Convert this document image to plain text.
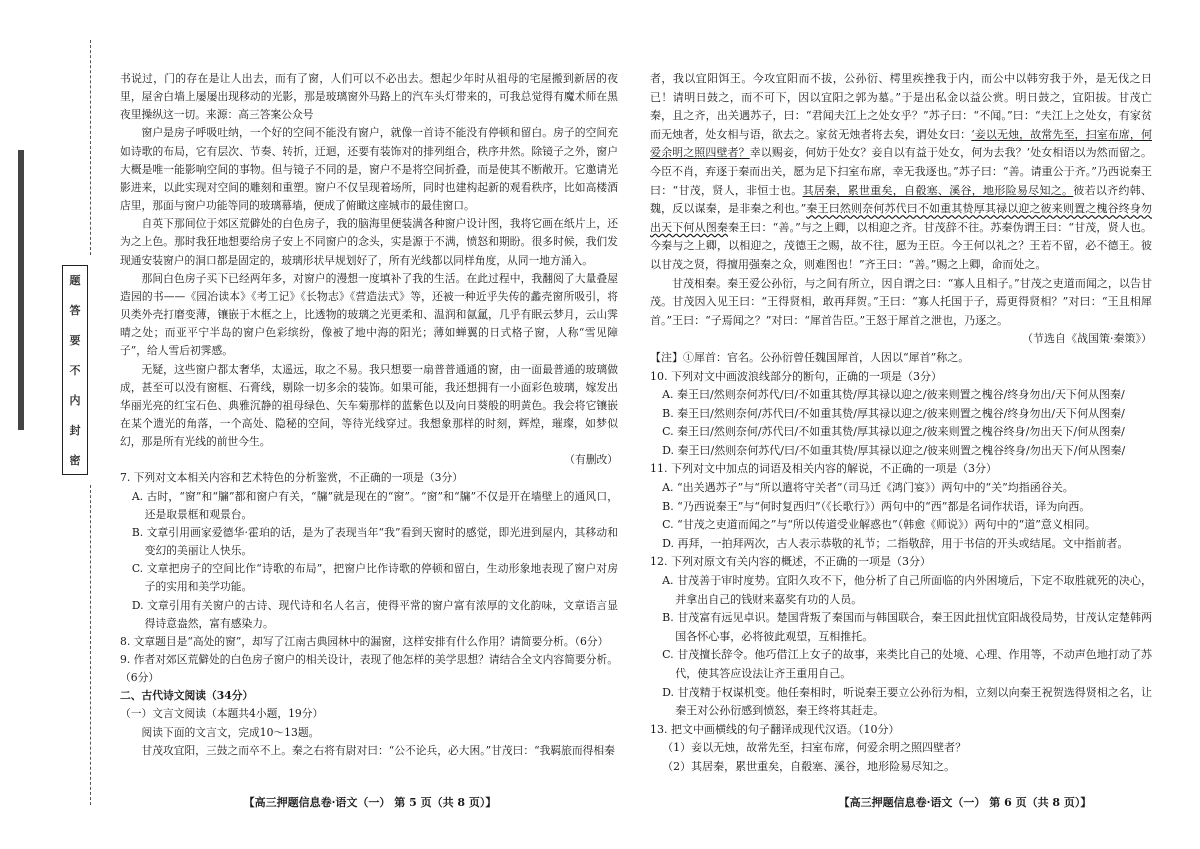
题
答
要
不
内
封
密

书说过，门的存在是让人出去，而有了窗，人们可以不必出去。想起少年时从祖母的宅屋搬到新居的夜里，屋舍白墙上屡屡出现移动的光影，那是玻璃窗外马路上的汽车头灯带来的，可我总觉得有魔术师在黑夜里操纵这一切。来源：高三答案公众号

窗户是房子呼吸吐纳，一个好的空间不能没有窗户，就像一首诗不能没有停顿和留白。房子的空间充如诗歌的布局，它有层次、节奏、转折，迂迴，还要有装饰对的排列组合，秩序井然。除镜子之外，窗户大概是唯一能影响空间的事物。但与镜子不同的是，窗户不是将空间折叠，而是使其不断敞开。它邀请光影进来，以此实现对空间的雕刻和重塑。窗户不仅呈现着场所，同时也建构起新的观看秩序，比如高楼酒店里，那面与窗户功能等同的玻璃幕墙，便成了俯瞰这座城市的最佳窗口。

自英下那间位于郊区荒僻处的白色房子，我的脑海里便装满各种窗户设计图，我将它画在纸片上，还为之上色。那时我狂地想要给房子安上不同窗户的念头，实是源于不满，愤怒和期盼。很多时候，我们发现通安装窗户的洞口都是固定的，玻璃形状早规划好了，所有光线都以同样角度，从同一地方涌入。

那间白色房子买下已经两年多，对窗户的漫想一度填补了我的生活。在此过程中，我翻阅了大量叠屋造园的书——《园冶读本》《考工记》《长物志》《营造法式》等，还被一种近乎失传的蠡壳窗所吸引，将贝类外壳打磨变薄，镶嵌于木框之上，比透物的玻璃之光更柔和、温润和氤氲，几乎有眠云梦月，云山霁晴之处；而亚平宁半岛的窗户色彩缤纷，像被了地中海的阳光；薄如蝉翼的日式格子窗，人称“雪见障子”，给人雪后初霁感。

无疑，这些窗户都太奢华，太遥远，取之不易。我只想要一扇普普通通的窗，由一面最普通的玻璃做成，甚至可以没有窗框、石膏线，剔除一切多余的装饰。如果可能，我还想拥有一小面彩色玻璃，嫁发出华丽光亮的红宝石色、典雅沉静的祖母绿色、矢车菊那样的蓝紫色以及向日葵般的明黄色。我会将它镶嵌在某个遗光的角落，一个高处、隐秘的空间，等待光线穿过。我想象那样的时刻，辉煌，璀璨，如梦似幻，那是所有光线的前世今生。

（有删改）

7. 下列对文本相关内容和艺术特色的分析鉴赏，不正确的一项是（3分）

A. 古时，“窗”和“牖”都和窗户有关，“牖”就是现在的“窗”。“窗”和“牖”不仅是开在墙壁上的通风口，还是取景框和观景台。

B. 文章引用画家爱德华·霍珀的话，是为了表现当年“我”看到天窗时的感觉，即光进到屋内，其移动和变幻的美丽让人快乐。

C. 文章把房子的空间比作“诗歌的布局”，把窗户比作诗歌的停顿和留白，生动形象地表现了窗户对房子的实用和美学功能。

D. 文章引用有关窗户的古诗、现代诗和名人名言，使得平常的窗户富有浓厚的文化韵味，文章语言显得诗意盎然，富有感染力。

8. 文章题目是“高处的窗”，却写了江南古典园林中的漏窗，这样安排有什么作用？请简要分析。（6分）

9. 作者对郊区荒僻处的白色房子窗户的相关设计，表现了他怎样的美学思想？请结合全文内容简要分析。（6分）

二、古代诗文阅读（34分）

（一）文言文阅读（本题共4小题，19分）

阅读下面的文言文，完成10～13题。

甘茂攻宜阳，三鼓之而卒不上。秦之右将有尉对曰：“公不论兵，必大困。”甘茂曰：“我羁旅而得相秦

者，我以宜阳饵王。今攻宜阳而不拔，公孙衍、樗里疾挫我于内，而公中以韩穷我于外，是无伐之日已！请明日鼓之，而不可下，因以宜阳之郭为墓。”于是出私金以益公赏。明日鼓之，宜阳拔。甘茂亡秦，且之齐，出关遇苏子，曰：“君闻夫江上之处女乎？”苏子曰：“不闻。”曰：“夫江上之处女，有家贫而无烛者，处女相与语，欲去之。家贫无烛者将去矣，谓处女曰：‘妾以无烛，故常先至，扫室布席，何爱余明之照四壁者？幸以赐妾，何妨于处女？妾自以有益于处女，何为去我？’处女相语以为然而留之。今臣不肖，弃逐于秦而出关，愿为足下扫室布席，幸无我逐也。”苏子曰：“善。请重公于齐。”乃西说秦王曰：“甘茂，贤人，非恒士也。其居秦，累世重矣，自殽塞、溪谷，地形险易尽知之。彼若以齐约韩、魏，反以谋秦，是非秦之利也。”秦王曰然则奈何苏代曰不如重其贽厚其禄以迎之彼来则置之槐谷终身勿出天下何从图秦秦王曰：“善。”与之上卿，以相迎之齐。甘茂辞不往。苏秦伪谓王曰：“甘茂，贤人也。今秦与之上卿，以相迎之，茂德王之赐，故不往，愿为王臣。今王何以礼之？王若不留，必不德王。彼以甘茂之贤，得擅用强秦之众，则难图也！”齐王曰：“善。”赐之上卿，命而处之。

甘茂相秦。秦王爱公孙衍，与之间有所立，因自谓之曰：“寡人且相子。”甘茂之吏道而闻之，以告甘茂。甘茂因入见王曰：“王得贤相，敢再拜贺。”王曰：“寡人托国于子，焉更得贤相？”对曰：“王且相犀首。”王曰：“子焉闻之？”对曰：“犀首告臣。”王怒于犀首之泄也，乃逐之。

（节选自《战国策·秦策》）

【注】①犀首：官名。公孙衍曾任魏国犀首，人因以“犀首”称之。

10. 下列对文中画波浪线部分的断句，正确的一项是（3分）

A. 秦王曰/然则奈何苏代/曰/不如重其贽/厚其禄以迎之/彼来则置之槐谷/终身勿出/天下何从图秦/

B. 秦王曰/然则奈何/苏代曰/不如重其贽/厚其禄以迎之/彼来则置之槐谷/终身勿出/天下何从图秦/

C. 秦王曰/然则奈何/苏代曰/不如重其贽/厚其禄以迎之/彼来则置之槐谷终身/勿出天下/何从图秦/

D. 秦王曰/然则奈何苏代/曰/不如重其贽/厚其禄以迎之/彼来则置之槐谷终身/勿出天下/何从图秦/

11. 下列对文中加点的词语及相关内容的解说，不正确的一项是（3分）

A. “出关遇苏子”与“所以遣将守关者”（司马迁《鸿门宴》）两句中的“关”均指函谷关。

B. “乃西说秦王”与“何时复西归”（《长歌行》）两句中的“西”都是名词作状语，译为向西。

C. “甘茂之吏道而闻之”与“所以传道受业解惑也”（韩愈《师说》）两句中的“道”意义相同。

D. 再拜，一拍拜两次，古人表示恭敬的礼节；二指敬辞，用于书信的开头或结尾。文中指前者。

12. 下列对原文有关内容的概述，不正确的一项是（3分）

A. 甘茂善于审时度势。宜阳久攻不下，他分析了自己所面临的内外困境后，下定不取胜就死的决心，并拿出自己的钱财来嘉奖有功的人员。

B. 甘茂富有远见卓识。楚国背叛了秦国而与韩国联合，秦王因此扭忧宜阳战役局势，甘茂认定楚韩两国各怀心事，必将彼此观望，互相推托。

C. 甘茂擅长辞令。他巧借江上女子的故事，来类比自己的处境、心理、作用等，不动声色地打动了苏代，使其答应设法让齐王重用自己。

D. 甘茂精于权谋机变。他任秦相时，听说秦王要立公孙衍为相，立刻以向秦王祝贺选得贤相之名，让秦王对公孙衍感到愤怒，秦王终将其赶走。

13. 把文中画横线的句子翻译成现代汉语。（10分）

（1）妾以无烛，故常先至，扫室布席，何爱余明之照四壁者？

（2）其居秦，累世重矣，自殽塞、溪谷，地形险易尽知之。

【高三押题信息卷·语文（一） 第 5 页（共 8 页）】	【高三押题信息卷·语文（一） 第 6 页（共 8 页）】
